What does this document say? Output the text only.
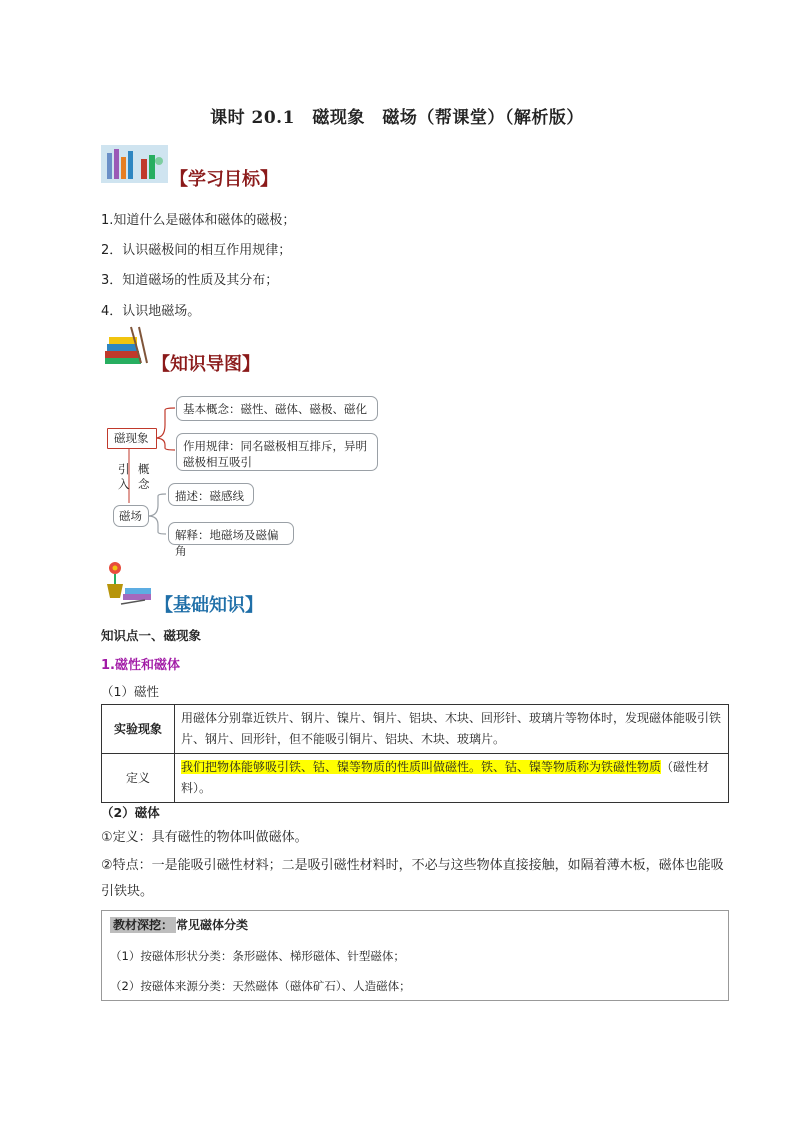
课时 20.1　磁现象　磁场（帮课堂）（解析版）
【学习目标】
1.知道什么是磁体和磁体的磁极；
2．认识磁极间的相互作用规律；
3．知道磁场的性质及其分布；
4．认识地磁场。
【知识导图】
磁现象
引
入
概
念
磁场
基本概念：磁性、磁体、磁极、磁化
作用规律：同名磁极相互排斥，异明磁极相互吸引
描述：磁感线
解释：地磁场及磁偏角
【基础知识】
知识点一、磁现象
1.磁性和磁体
（1）磁性
实验现象	用磁体分别靠近铁片、钢片、镍片、铜片、铝块、木块、回形针、玻璃片等物体时，发现磁体能吸引铁片、钢片、回形针，但不能吸引铜片、铝块、木块、玻璃片。
定义	我们把物体能够吸引铁、钴、镍等物质的性质叫做磁性。铁、钴、镍等物质称为铁磁性物质（磁性材料）。
（2）磁体
①定义：具有磁性的物体叫做磁体。
②特点：一是能吸引磁性材料；二是吸引磁性材料时，不必与这些物体直接接触，如隔着薄木板，磁体也能吸引铁块。
教材深挖： 常见磁体分类
（1）按磁体形状分类：条形磁体、梯形磁体、针型磁体；
（2）按磁体来源分类：天然磁体（磁体矿石）、人造磁体；
